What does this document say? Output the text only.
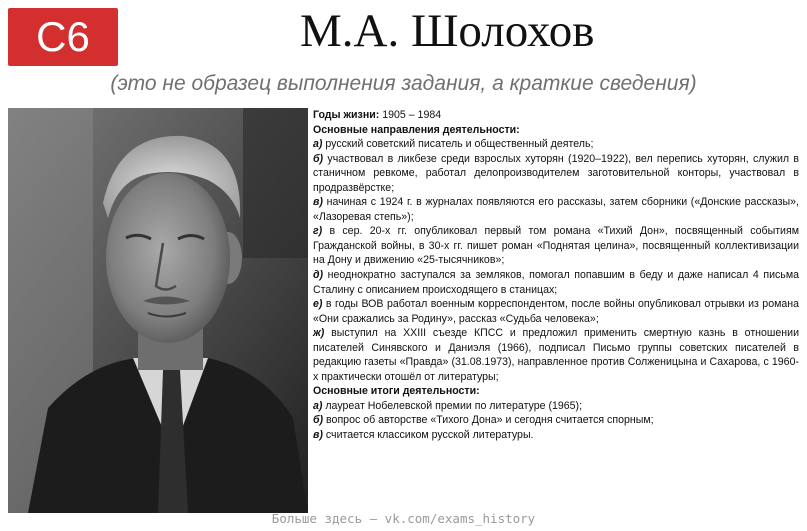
C6	М.А. Шолохов
(это не образец выполнения задания, а краткие сведения)

Годы жизни: 1905 – 1984

Основные направления деятельности:

а) русский советский писатель и общественный деятель;

б) участвовал в ликбезе среди взрослых хуторян (1920–1922), вел перепись хуторян, служил в станичном ревкоме, работал делопроизводителем заготовительной конторы, участвовал в продразвёрстке;

в) начиная с 1924 г. в журналах появляются его рассказы, затем сборники («Донские рассказы», «Лазоревая степь»);

г) в сер. 20-х гг. опубликовал первый том романа «Тихий Дон», посвященный событиям Гражданской войны, в 30-х гг. пишет роман «Поднятая целина», посвященный коллективизации на Дону и движению «25-тысячников»;

д) неоднократно заступался за земляков, помогал попавшим в беду и даже написал 4 письма Сталину с описанием происходящего в станицах;

е) в годы ВОВ работал военным корреспондентом, после войны опубликовал отрывки из романа «Они сражались за Родину», рассказ «Судьба человека»;

ж) выступил на XXIII съезде КПСС и предложил применить смертную казнь в отношении писателей Синявского и Даниэля (1966), подписал Письмо группы советских писателей в редакцию газеты «Правда» (31.08.1973), направленное против Солженицына и Сахарова, с 1960-х практически отошёл от литературы;

Основные итоги деятельности:

а) лауреат Нобелевской премии по литературе (1965);

б) вопрос об авторстве «Тихого Дона» и сегодня считается спорным;

в) считается классиком русской литературы.

Больше здесь — vk.com/exams_history
